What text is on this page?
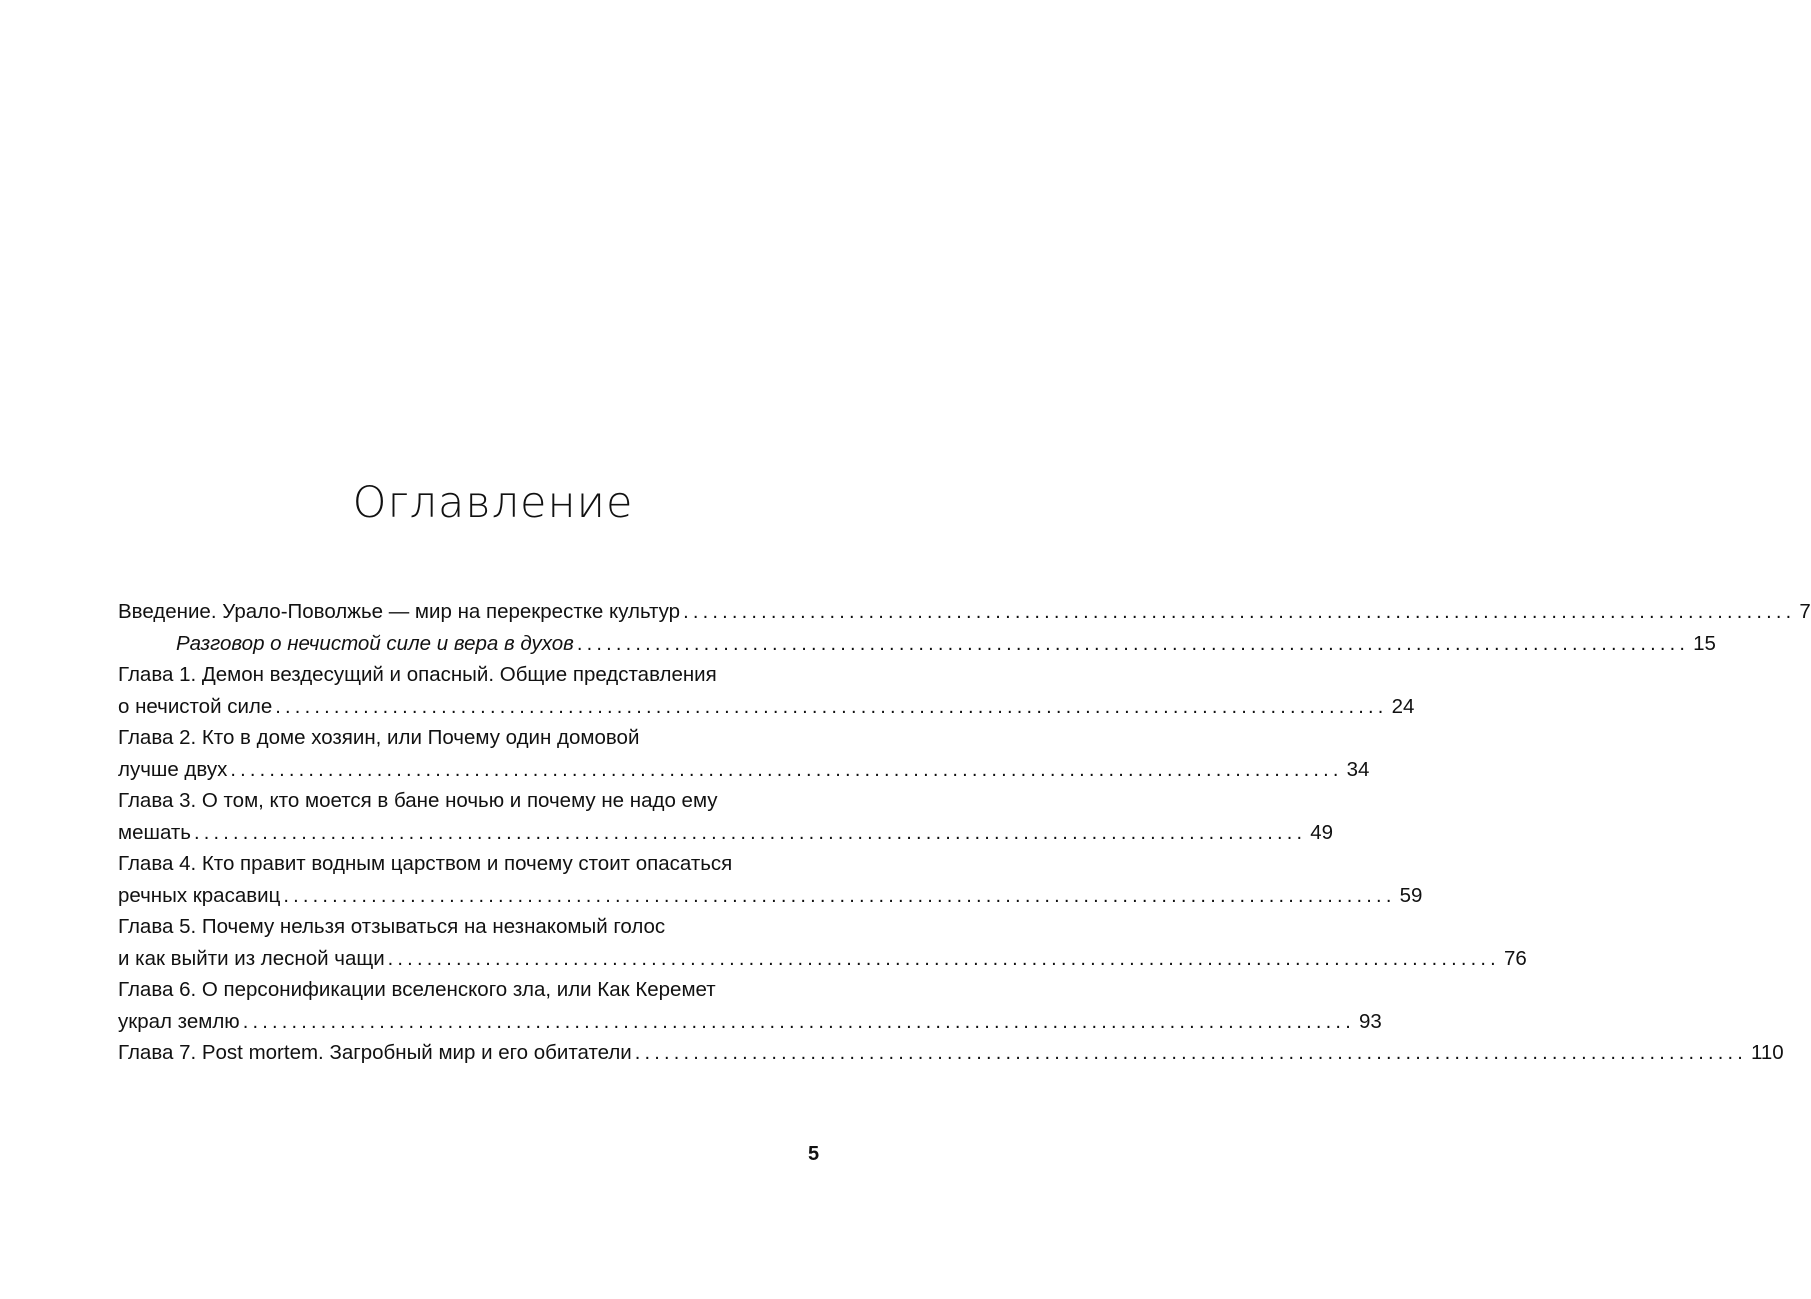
Оглавление
Введение. Урало-Поволжье — мир на перекрестке культур .................................................................................................................. 7
Разговор о нечистой силе и вера в духов .................................................................................................................. 15
Глава 1. Демон вездесущий и опасный. Общие представления
о нечистой силе .................................................................................................................. 24
Глава 2. Кто в доме хозяин, или Почему один домовой
лучше двух .................................................................................................................. 34
Глава 3. О том, кто моется в бане ночью и почему не надо ему
мешать .................................................................................................................. 49
Глава 4. Кто правит водным царством и почему стоит опасаться
речных красавиц .................................................................................................................. 59
Глава 5. Почему нельзя отзываться на незнакомый голос
и как выйти из лесной чащи .................................................................................................................. 76
Глава 6. О персонификации вселенского зла, или Как Керемет
украл землю .................................................................................................................. 93
Глава 7. Post mortem. Загробный мир и его обитатели .................................................................................................................. 110
5
